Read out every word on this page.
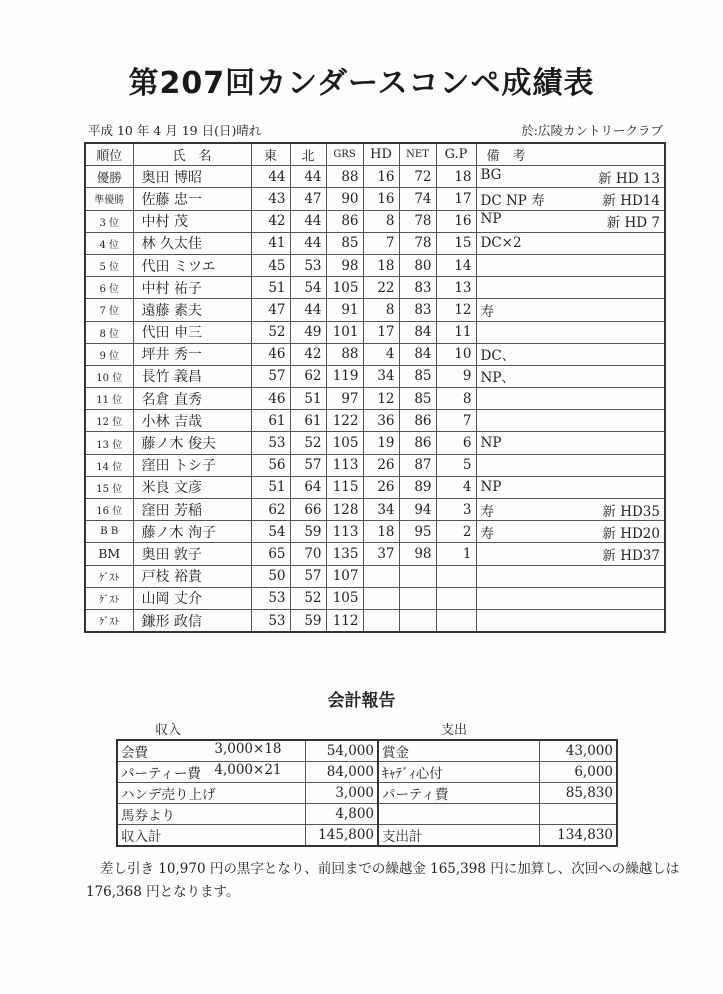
第207回カンダースコンペ成績表
平成 10 年 4 月 19 日(日)晴れ	於:広陵カントリークラブ
順位	氏　名	東	北	GRS	HD	NET	G.P	備　考
優勝	奥田 博昭	44	44	88	16	72	18	BG 新 HD 13

準優勝	佐藤 忠一	43	47	90	16	74	17	DC NP 寿 新 HD14

3 位	中村 茂	42	44	86	8	78	16	NP 新 HD 7

4 位	林 久太佳	41	44	85	7	78	15	DC×2

5 位	代田 ミツエ	45	53	98	18	80	14	

6 位	中村 祐子	51	54	105	22	83	13	

7 位	遠藤 素夫	47	44	91	8	83	12	寿

8 位	代田 申三	52	49	101	17	84	11	

9 位	坪井 秀一	46	42	88	4	84	10	DC、

10 位	長竹 義昌	57	62	119	34	85	9	NP、

11 位	名倉 直秀	46	51	97	12	85	8	

12 位	小林 吉哉	61	61	122	36	86	7	

13 位	藤ノ木 俊夫	53	52	105	19	86	6	NP

14 位	窪田 トシ子	56	57	113	26	87	5	

15 位	米良 文彦	51	64	115	26	89	4	NP

16 位	窪田 芳稲	62	66	128	34	94	3	寿 新 HD35

B B	藤ノ木 洵子	54	59	113	18	95	2	寿 新 HD20

BM	奥田 敦子	65	70	135	37	98	1	新 HD37

ｹﾞｽﾄ	戸枝 裕貴	50	57	107				

ｹﾞｽﾄ	山岡 丈介	53	52	105				

ｹﾞｽﾄ	鎌形 政信	53	59	112				
会計報告
収入	支出
会費 3,000×18	54,000	賞金	43,000

パーティー費 4,000×21	84,000	ｷｬﾃﾞｨ心付	6,000

ハンデ売り上げ	3,000	パーティ費	85,830

馬券より	4,800		

収入計	145,800	支出計	134,830
差し引き 10,970 円の黒字となり、前回までの繰越金 165,398 円に加算し、次回への繰越しは 176,368 円となります。
